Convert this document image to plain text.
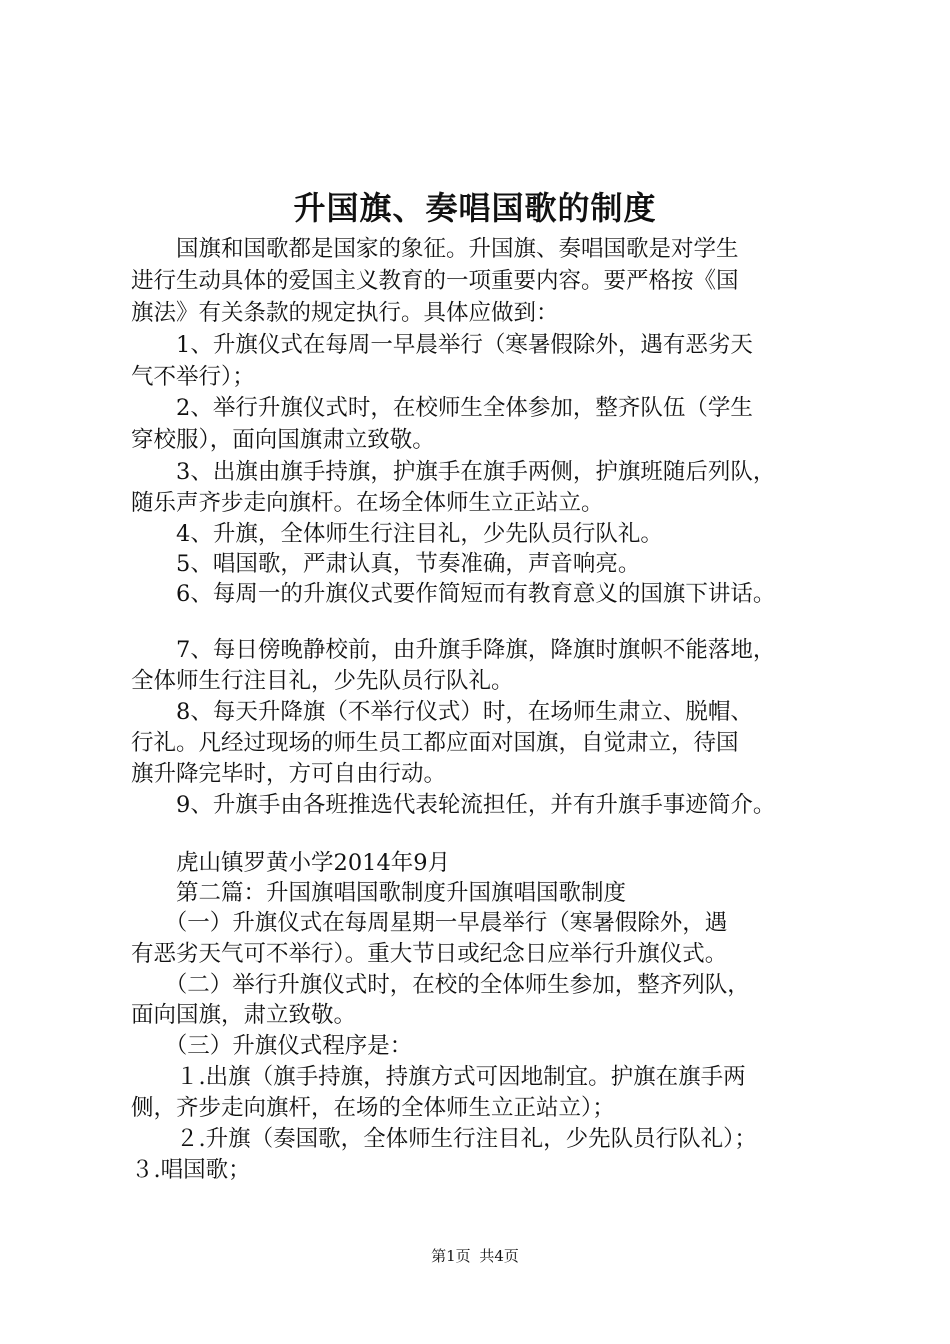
升国旗、奏唱国歌的制度

　　国旗和国歌都是国家的象征。升国旗、奏唱国歌是对学生

进行生动具体的爱国主义教育的一项重要内容。要严格按《国

旗法》有关条款的规定执行。具体应做到：

　　1、升旗仪式在每周一早晨举行（寒暑假除外，遇有恶劣天

气不举行）；

　　2、举行升旗仪式时，在校师生全体参加，整齐队伍（学生

穿校服），面向国旗肃立致敬。

　　3、出旗由旗手持旗，护旗手在旗手两侧，护旗班随后列队，

随乐声齐步走向旗杆。在场全体师生立正站立。

　　4、升旗，全体师生行注目礼，少先队员行队礼。

　　5、唱国歌，严肃认真，节奏准确，声音响亮。

　　6、每周一的升旗仪式要作简短而有教育意义的国旗下讲话。

　　7、每日傍晚静校前，由升旗手降旗，降旗时旗帜不能落地，

全体师生行注目礼，少先队员行队礼。

　　8、每天升降旗（不举行仪式）时，在场师生肃立、脱帽、

行礼。凡经过现场的师生员工都应面对国旗，自觉肃立，待国

旗升降完毕时，方可自由行动。

　　9、升旗手由各班推选代表轮流担任，并有升旗手事迹简介。

　　虎山镇罗黄小学2014年9月

　　第二篇：升国旗唱国歌制度升国旗唱国歌制度

　　（一）升旗仪式在每周星期一早晨举行（寒暑假除外，遇

有恶劣天气可不举行）。重大节日或纪念日应举行升旗仪式。

　　（二）举行升旗仪式时，在校的全体师生参加，整齐列队，

面向国旗，肃立致敬。

　　（三）升旗仪式程序是：

　　１.出旗（旗手持旗，持旗方式可因地制宜。护旗在旗手两

侧，齐步走向旗杆，在场的全体师生立正站立）；

　　２.升旗（奏国歌，全体师生行注目礼，少先队员行队礼）；

３.唱国歌；

第1页 共4页
